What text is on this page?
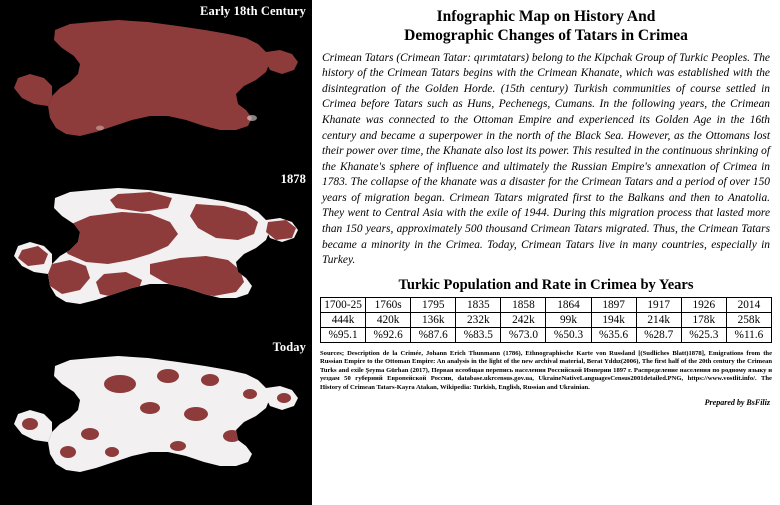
Early 18th Century
1878
Today
Infographic Map on History And
Demographic Changes of Tatars in Crimea
Crimean Tatars (Crimean Tatar: qırımtatars) belong to the Kipchak Group of Turkic Peoples. The history of the Crimean Tatars begins with the Crimean Khanate, which was established with the disintegration of the Golden Horde. (15th century) Turkish communities of course settled in Crimea before Tatars such as Huns, Pechenegs, Cumans. In the following years, the Crimean Khanate was connected to the Ottoman Empire and experienced its Golden Age in the 16th century and became a superpower in the north of the Black Sea. However, as the Ottomans lost their power over time, the Khanate also lost its power. This resulted in the continuous shrinking of the Khanate's sphere of influence and ultimately the Russian Empire's annexation of Crimea in 1783. The collapse of the khanate was a disaster for the Crimean Tatars and a period of over 150 years of migration began. Crimean Tatars migrated first to the Balkans and then to Anatolia. They went to Central Asia with the exile of 1944. During this migration process that lasted more than 150 years, approximately 500 thousand Crimean Tatars migrated. Thus, the Crimean Tatars became a minority in the Crimea. Today, Crimean Tatars live in many countries, especially in Turkey.
Turkic Population and Rate in Crimea by Years
1700-25	1760s	1795	1835	1858	1864	1897	1917	1926	2014
444k	420k	136k	232k	242k	99k	194k	214k	178k	258k
%95.1	%92.6	%87.6	%83.5	%73.0	%50.3	%35.6	%28.7	%25.3	%11.6
Sources; Description de la Crimée, Johann Erich Thunmann (1786), Ethnographische Karte von Russland [(Sudliches Blatt)1878], Emigrations from the Russian Empire to the Ottoman Empire: An analysis in the light of the new archival material, Berat Yıldız(2006), The first half of the 20th century the Crimean Turks and exile Şeyma Gürhan (2017), Первая всеобщая перепись населения Российской Империи 1897 г. Распределение населения по родному языку и уездам 50 губерний Европейской России, database.ukrcensus.gov.ua, UkraineNativeLanguagesCensus2001detailed.PNG, https://www.vostlit.info/. The History of Crimean Tatars-Kayra Atakan, Wikipedia: Turkish, English, Russian and Ukrainian.
Prepared by BsFiliz
